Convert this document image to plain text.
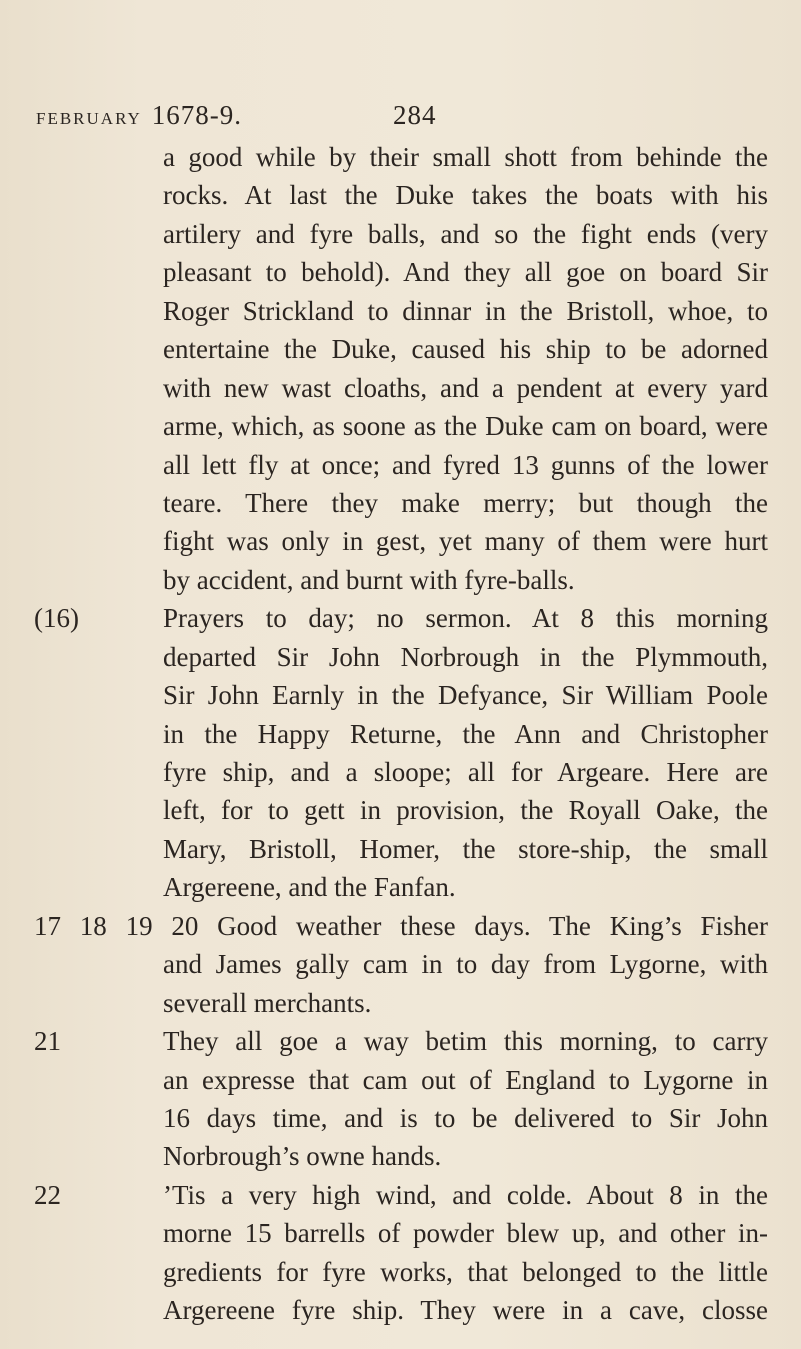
february 1678-9.	284
a good while by their small shott from behinde the
rocks. At last the Duke takes the boats with his
artilery and fyre balls, and so the fight ends (very
pleasant to behold). And they all goe on board Sir
Roger Strickland to dinnar in the Bristoll, whoe, to
entertaine the Duke, caused his ship to be adorned
with new wast cloaths, and a pendent at every yard
arme, which, as soone as the Duke cam on board, were
all lett fly at once; and fyred 13 gunns of the lower
teare. There they make merry; but though the
fight was only in gest, yet many of them were hurt
by accident, and burnt with fyre-balls.
(16)	Prayers to day; no sermon. At 8 this morning
departed Sir John Norbrough in the Plymmouth,
Sir John Earnly in the Defyance, Sir William Poole
in the Happy Returne, the Ann and Christopher
fyre ship, and a sloope; all for Argeare. Here are
left, for to gett in provision, the Royall Oake, the
Mary, Bristoll, Homer, the store-ship, the small
Argereene, and the Fanfan.
17 18 19 20 Good weather these days. The King’s Fisher
and James gally cam in to day from Lygorne, with
severall merchants.
21	They all goe a way betim this morning, to carry
an expresse that cam out of England to Lygorne in
16 days time, and is to be delivered to Sir John
Norbrough’s owne hands.
22	’Tis a very high wind, and colde. About 8 in the
morne 15 barrells of powder blew up, and other in-
gredients for fyre works, that belonged to the little
Argereene fyre ship. They were in a cave, closse
